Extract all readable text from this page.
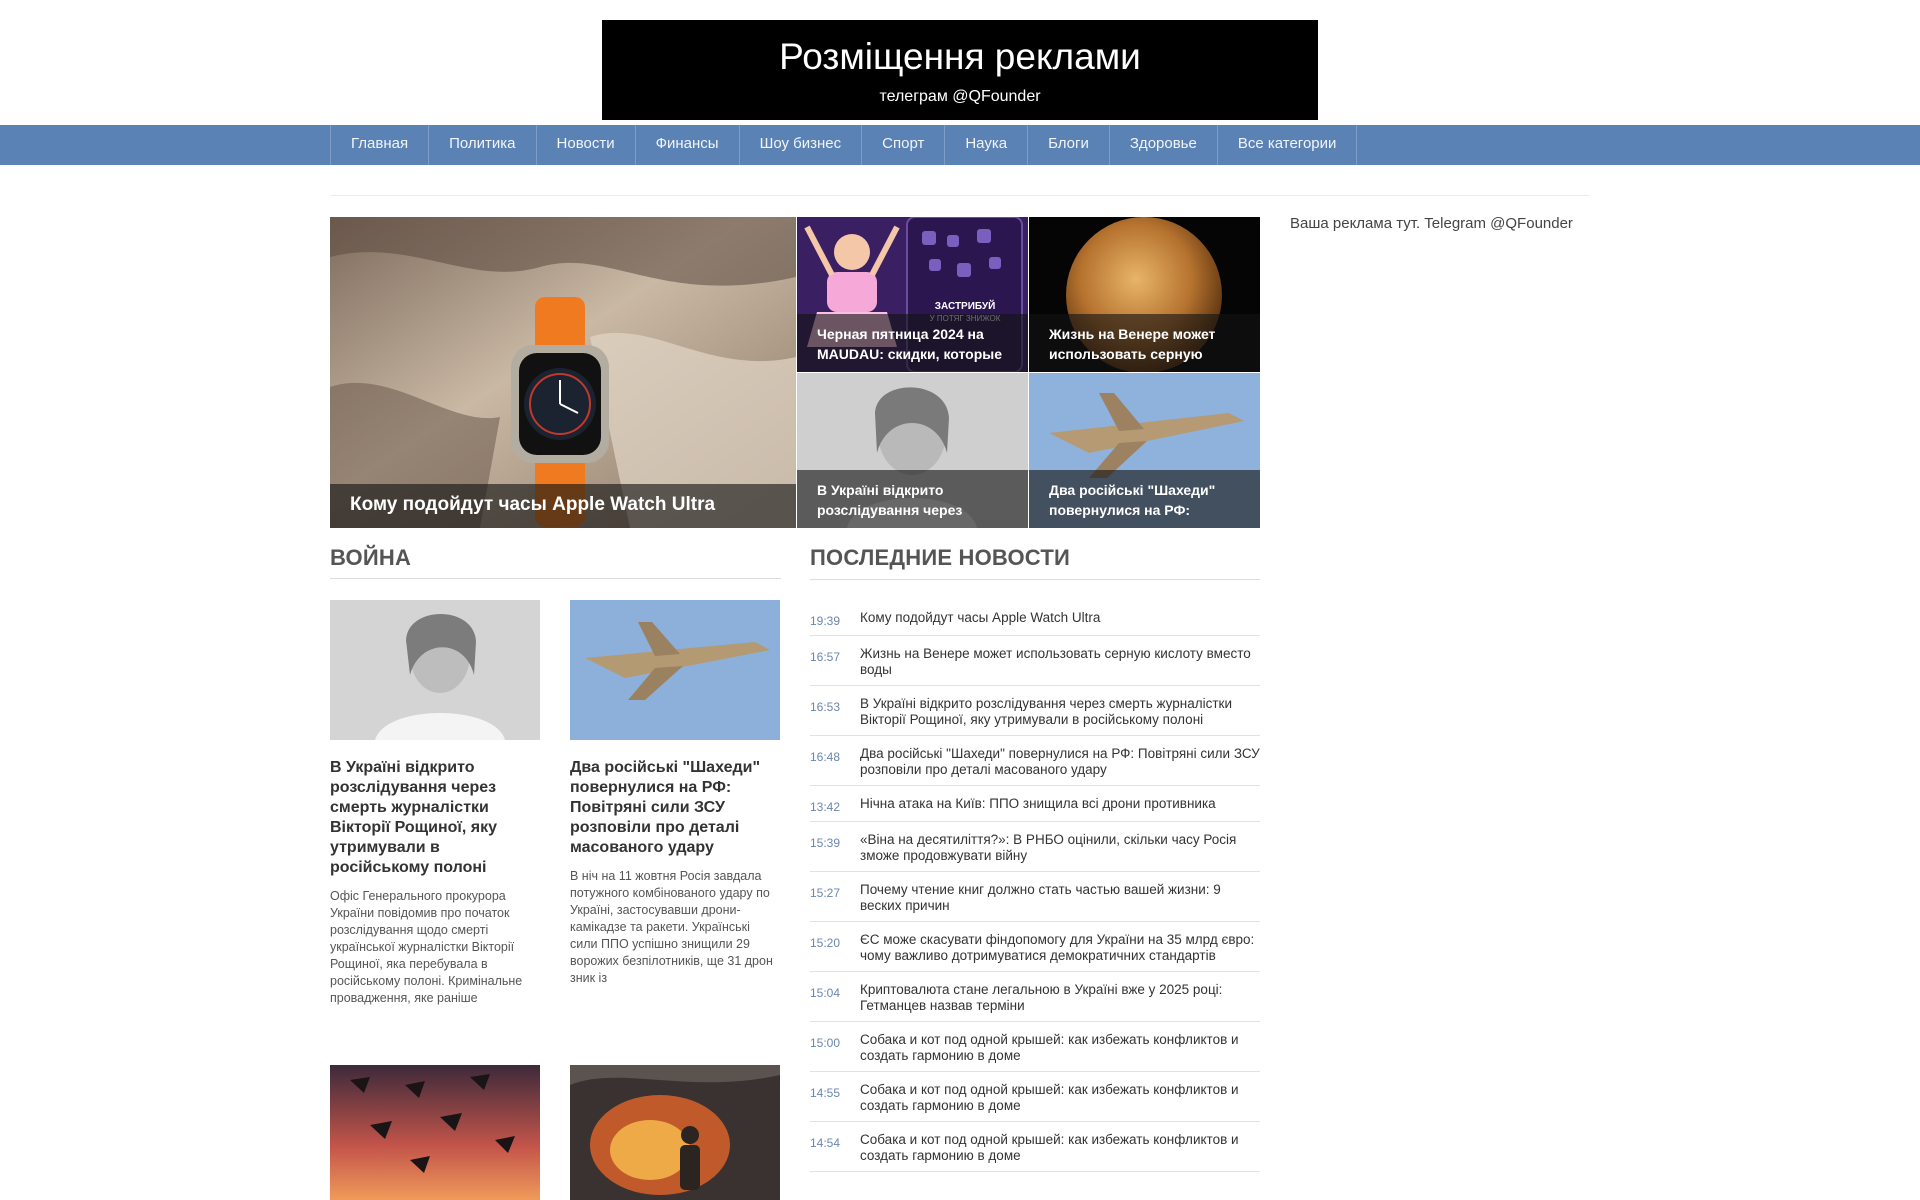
Розміщення реклами
телеграм @QFounder
Главная	Политика	Новости	Финансы	Шоу бизнес	Спорт	Наука	Блоги	Здоровье	Все категории
Кому подойдут часы Apple Watch Ultra
ЗАСТРИБУЙ
Черная пятница 2024 на MAUDAU: скидки, которые
Жизнь на Венере может использовать серную
В Україні відкрито розслідування через
Два російські "Шахеди" повернулися на РФ:
Ваша реклама тут. Telegram @QFounder
ВОЙНА
В Україні відкрито розслідування через смерть журналістки Вікторії Рощиної, яку утримували в російському полоні
Офіс Генерального прокурора України повідомив про початок розслідування щодо смерті української журналістки Вікторії Рощиної, яка перебувала в російському полоні. Кримінальне провадження, яке раніше
Два російські "Шахеди" повернулися на РФ: Повітряні сили ЗСУ розповіли про деталі масованого удару
В ніч на 11 жовтня Росія завдала потужного комбінованого удару по Україні, застосувавши дрони-камікадзе та ракети. Українські сили ППО успішно знищили 29 ворожих безпілотників, ще 31 дрон зник із
ПОСЛЕДНИЕ НОВОСТИ
19:39	Кому подойдут часы Apple Watch Ultra
16:57	Жизнь на Венере может использовать серную кислоту вместо воды
16:53	В Україні відкрито розслідування через смерть журналістки Вікторії Рощиної, яку утримували в російському полоні
16:48	Два російські "Шахеди" повернулися на РФ: Повітряні сили ЗСУ розповіли про деталі масованого удару
13:42	Нічна атака на Київ: ППО знищила всі дрони противника
15:39	«Віна на десятиліття?»: В РНБО оцінили, скільки часу Росія зможе продовжувати війну
15:27	Почему чтение книг должно стать частью вашей жизни: 9 веских причин
15:20	ЄС може скасувати фіндопомогу для України на 35 млрд євро: чому важливо дотримуватися демократичних стандартів
15:04	Криптовалюта стане легальною в Україні вже у 2025 році: Гетманцев назвав терміни
15:00	Собака и кот под одной крышей: как избежать конфликтов и создать гармонию в доме
14:55	Собака и кот под одной крышей: как избежать конфликтов и создать гармонию в доме
14:54	Собака и кот под одной крышей: как избежать конфликтов и создать гармонию в доме
